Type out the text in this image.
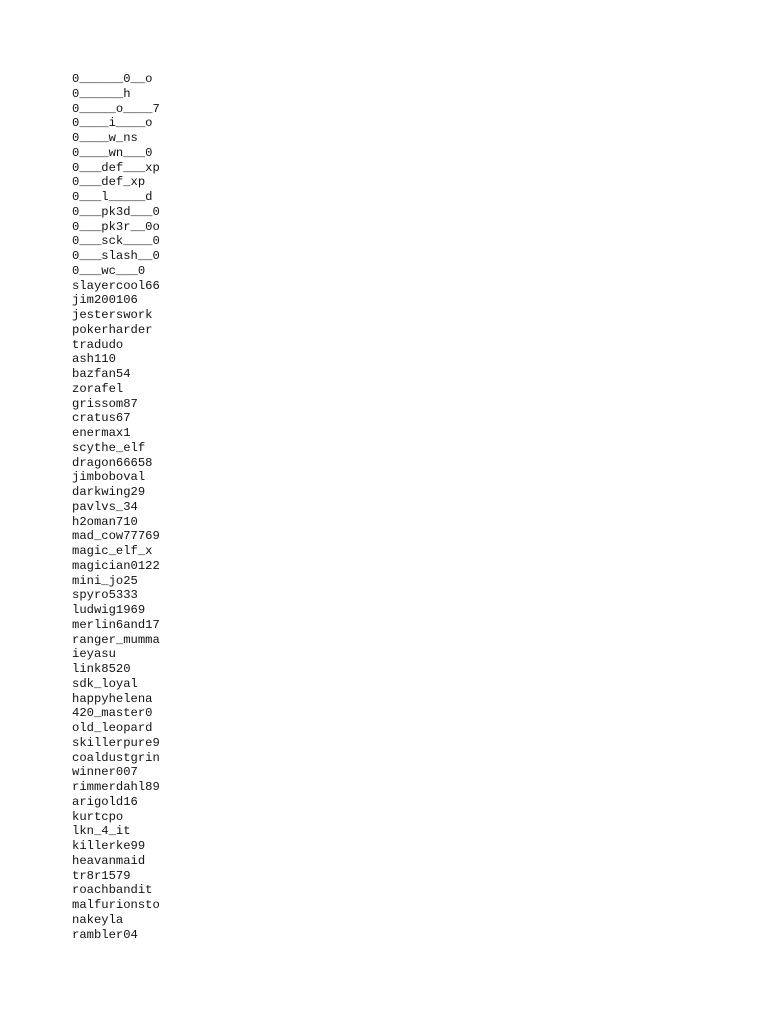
0______0__o
0______h
0_____o____7
0____i____o
0____w_ns
0____wn___0
0___def___xp
0___def_xp
0___l_____d
0___pk3d___0
0___pk3r__0o
0___sck____0
0___slash__0
0___wc___0
slayercool66
jim200106
jesterswork
pokerharder
tradudo
ash110
bazfan54
zorafel
grissom87
cratus67
enermax1
scythe_elf
dragon66658
jimboboval
darkwing29
pavlvs_34
h2oman710
mad_cow77769
magic_elf_x
magician0122
mini_jo25
spyro5333
ludwig1969
merlin6and17
ranger_mumma
ieyasu
link8520
sdk_loyal
happyhelena
420_master0
old_leopard
skillerpure9
coaldustgrin
winner007
rimmerdahl89
arigold16
kurtcpo
lkn_4_it
killerke99
heavanmaid
tr8r1579
roachbandit
malfurionsto
nakeyla
rambler04
